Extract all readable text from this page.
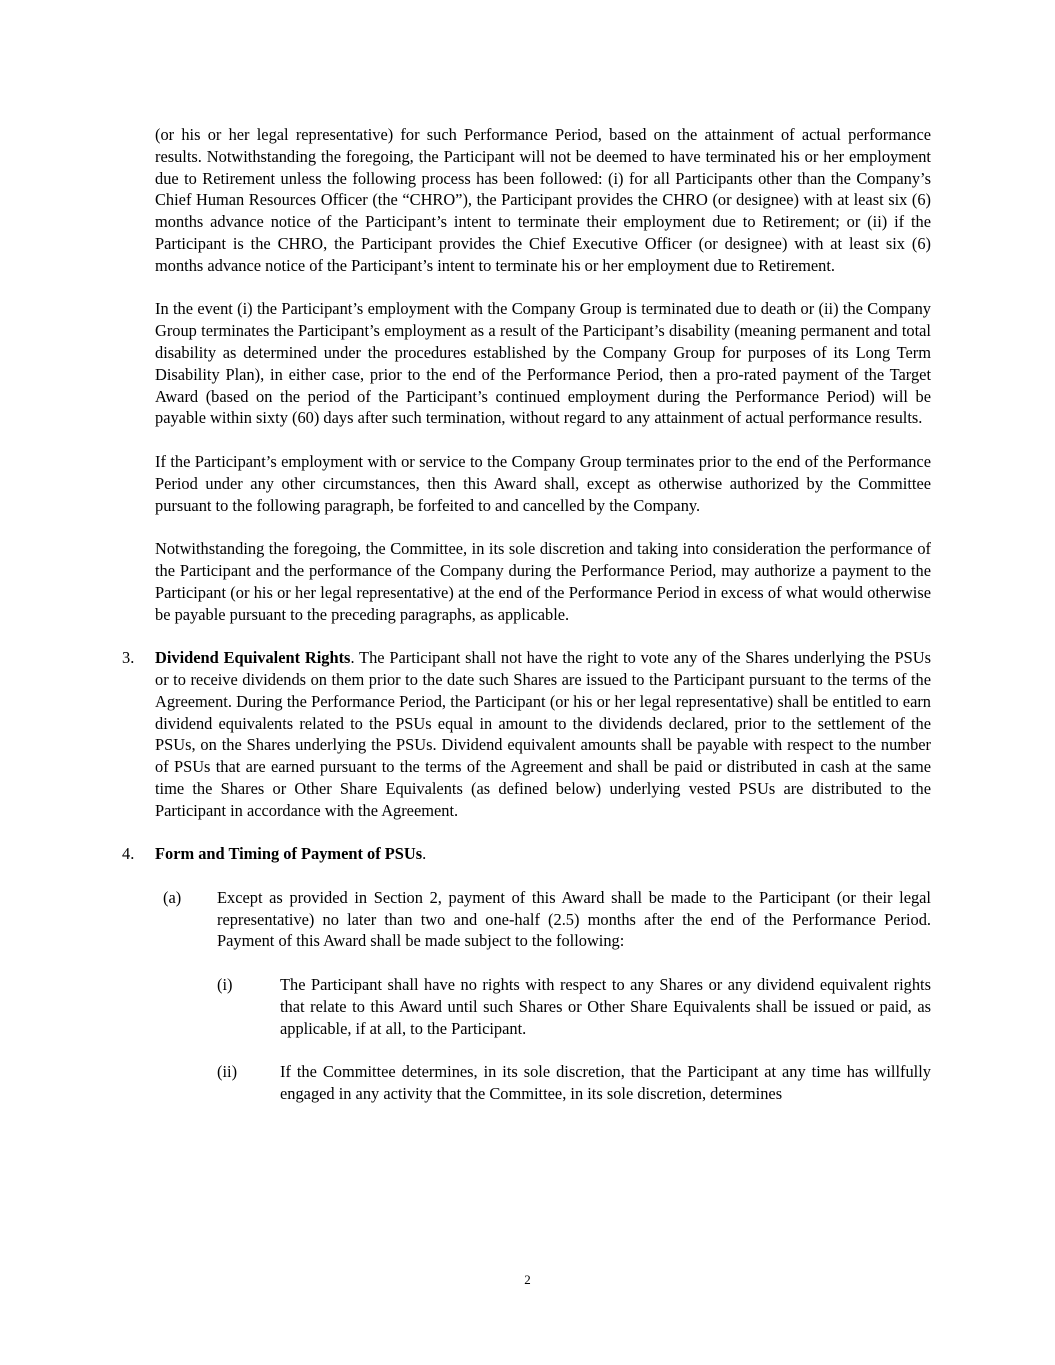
(or his or her legal representative) for such Performance Period, based on the attainment of actual performance results. Notwithstanding the foregoing, the Participant will not be deemed to have terminated his or her employment due to Retirement unless the following process has been followed: (i) for all Participants other than the Company’s Chief Human Resources Officer (the “CHRO”), the Participant provides the CHRO (or designee) with at least six (6) months advance notice of the Participant’s intent to terminate their employment due to Retirement; or (ii) if the Participant is the CHRO, the Participant provides the Chief Executive Officer (or designee) with at least six (6) months advance notice of the Participant’s intent to terminate his or her employment due to Retirement.

In the event (i) the Participant’s employment with the Company Group is terminated due to death or (ii) the Company Group terminates the Participant’s employment as a result of the Participant’s disability (meaning permanent and total disability as determined under the procedures established by the Company Group for purposes of its Long Term Disability Plan), in either case, prior to the end of the Performance Period, then a pro-rated payment of the Target Award (based on the period of the Participant’s continued employment during the Performance Period) will be payable within sixty (60) days after such termination, without regard to any attainment of actual performance results.

If the Participant’s employment with or service to the Company Group terminates prior to the end of the Performance Period under any other circumstances, then this Award shall, except as otherwise authorized by the Committee pursuant to the following paragraph, be forfeited to and cancelled by the Company.

Notwithstanding the foregoing, the Committee, in its sole discretion and taking into consideration the performance of the Participant and the performance of the Company during the Performance Period, may authorize a payment to the Participant (or his or her legal representative) at the end of the Performance Period in excess of what would otherwise be payable pursuant to the preceding paragraphs, as applicable.

3. Dividend Equivalent Rights. The Participant shall not have the right to vote any of the Shares underlying the PSUs or to receive dividends on them prior to the date such Shares are issued to the Participant pursuant to the terms of the Agreement. During the Performance Period, the Participant (or his or her legal representative) shall be entitled to earn dividend equivalents related to the PSUs equal in amount to the dividends declared, prior to the settlement of the PSUs, on the Shares underlying the PSUs. Dividend equivalent amounts shall be payable with respect to the number of PSUs that are earned pursuant to the terms of the Agreement and shall be paid or distributed in cash at the same time the Shares or Other Share Equivalents (as defined below) underlying vested PSUs are distributed to the Participant in accordance with the Agreement.
4. Form and Timing of Payment of PSUs.
(a) Except as provided in Section 2, payment of this Award shall be made to the Participant (or their legal representative) no later than two and one-half (2.5) months after the end of the Performance Period. Payment of this Award shall be made subject to the following:
(i)	The Participant shall have no rights with respect to any Shares or any dividend equivalent rights that relate to this Award until such Shares or Other Share Equivalents shall be issued or paid, as applicable, if at all, to the Participant.
(ii)	If the Committee determines, in its sole discretion, that the Participant at any time has willfully engaged in any activity that the Committee, in its sole discretion, determines
2
